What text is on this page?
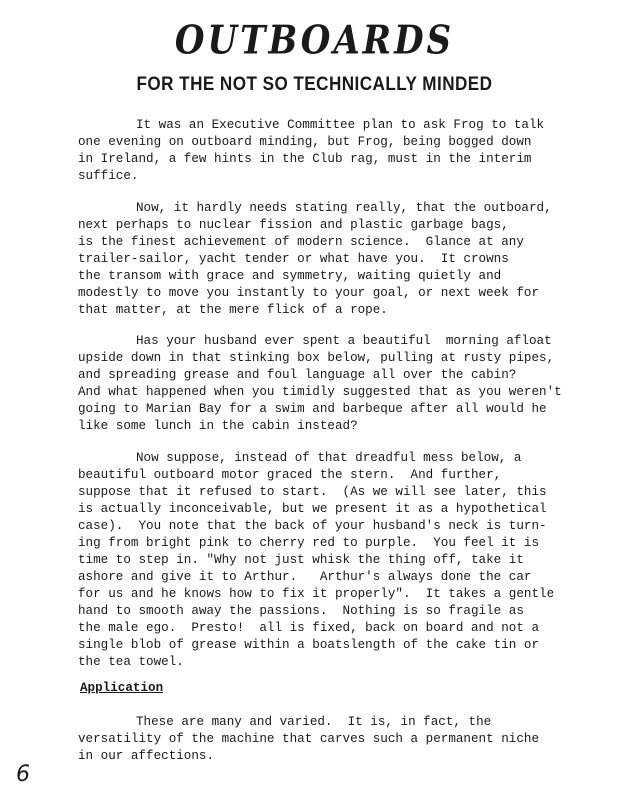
OUTBOARDS
FOR THE NOT SO TECHNICALLY MINDED
It was an Executive Committee plan to ask Frog to talk
one evening on outboard minding, but Frog, being bogged down
in Ireland, a few hints in the Club rag, must in the interim
suffice.
Now, it hardly needs stating really, that the outboard,
next perhaps to nuclear fission and plastic garbage bags,
is the finest achievement of modern science.  Glance at any
trailer-sailor, yacht tender or what have you.  It crowns
the transom with grace and symmetry, waiting quietly and
modestly to move you instantly to your goal, or next week for
that matter, at the mere flick of a rope.
Has your husband ever spent a beautiful  morning afloat
upside down in that stinking box below, pulling at rusty pipes,
and spreading grease and foul language all over the cabin?
And what happened when you timidly suggested that as you weren't
going to Marian Bay for a swim and barbeque after all would he
like some lunch in the cabin instead?
Now suppose, instead of that dreadful mess below, a
beautiful outboard motor graced the stern.  And further,
suppose that it refused to start.  (As we will see later, this
is actually inconceivable, but we present it as a hypothetical
case).  You note that the back of your husband's neck is turn-
ing from bright pink to cherry red to purple.  You feel it is
time to step in. "Why not just whisk the thing off, take it
ashore and give it to Arthur.   Arthur's always done the car
for us and he knows how to fix it properly".  It takes a gentle
hand to smooth away the passions.  Nothing is so fragile as
the male ego.  Presto!  all is fixed, back on board and not a
single blob of grease within a boatslength of the cake tin or
the tea towel.
Application
These are many and varied.  It is, in fact, the
versatility of the machine that carves such a permanent niche
in our affections.
6
